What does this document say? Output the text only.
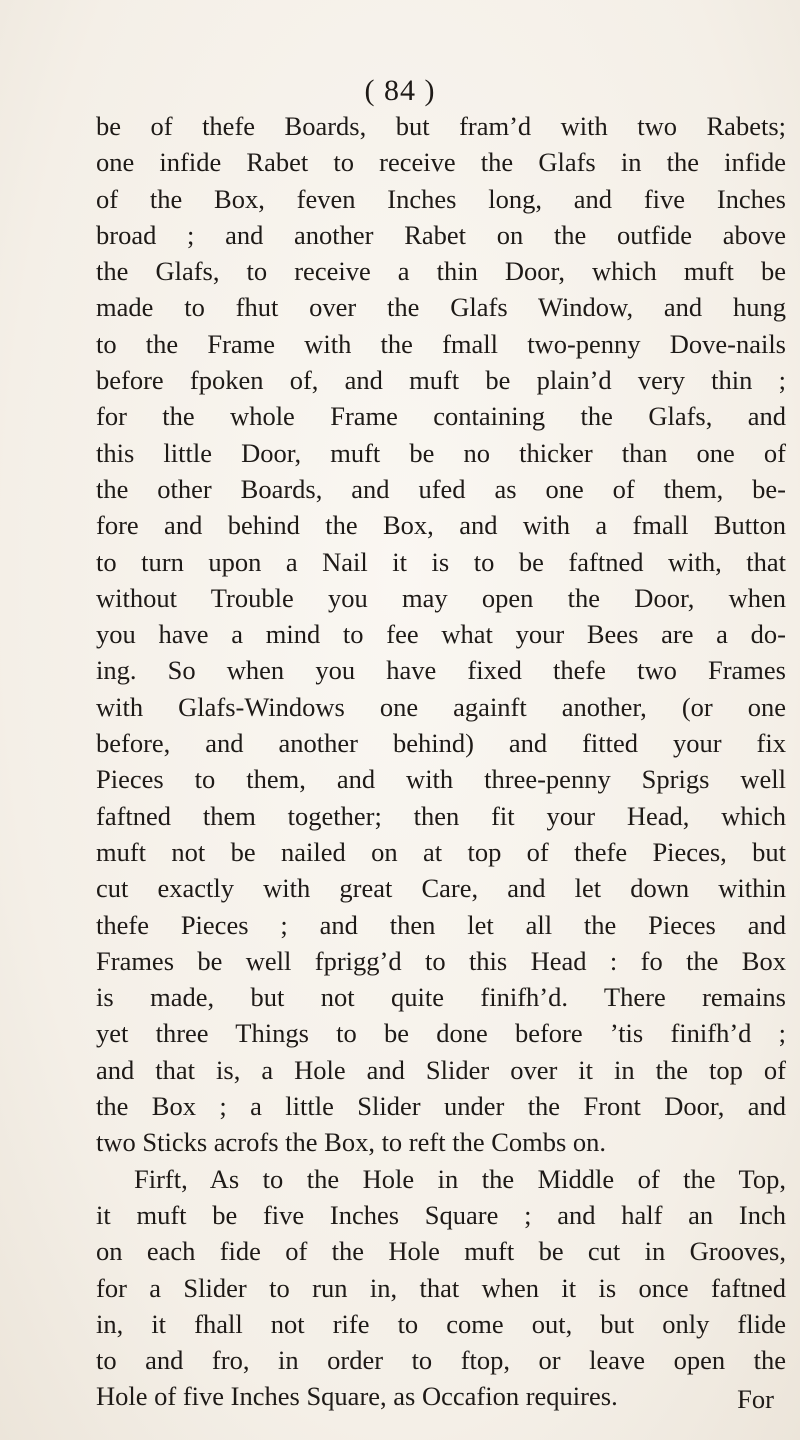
( 84 )
be of thefe Boards, but fram’d with two Rabets;
one infide Rabet to receive the Glafs in the infide
of the Box, feven Inches long, and five Inches
broad ; and another Rabet on the outfide above
the Glafs, to receive a thin Door, which muft be
made to fhut over the Glafs Window, and hung
to the Frame with the fmall two-penny Dove-nails
before fpoken of, and muft be plain’d very thin ;
for the whole Frame containing the Glafs, and
this little Door, muft be no thicker than one of
the other Boards, and ufed as one of them, be-
fore and behind the Box, and with a fmall Button
to turn upon a Nail it is to be faftned with, that
without Trouble you may open the Door, when
you have a mind to fee what your Bees are a do-
ing. So when you have fixed thefe two Frames
with Glafs-Windows one againft another, (or one
before, and another behind) and fitted your fix
Pieces to them, and with three-penny Sprigs well
faftned them together; then fit your Head, which
muft not be nailed on at top of thefe Pieces, but
cut exactly with great Care, and let down within
thefe Pieces ; and then let all the Pieces and
Frames be well fprigg’d to this Head : fo the Box
is made, but not quite finifh’d. There remains
yet three Things to be done before ’tis finifh’d ;
and that is, a Hole and Slider over it in the top of
the Box ; a little Slider under the Front Door, and
two Sticks acrofs the Box, to reft the Combs on.
Firft, As to the Hole in the Middle of the Top,
it muft be five Inches Square ; and half an Inch
on each fide of the Hole muft be cut in Grooves,
for a Slider to run in, that when it is once faftned
in, it fhall not rife to come out, but only flide
to and fro, in order to ftop, or leave open the
Hole of five Inches Square, as Occafion requires.	For
